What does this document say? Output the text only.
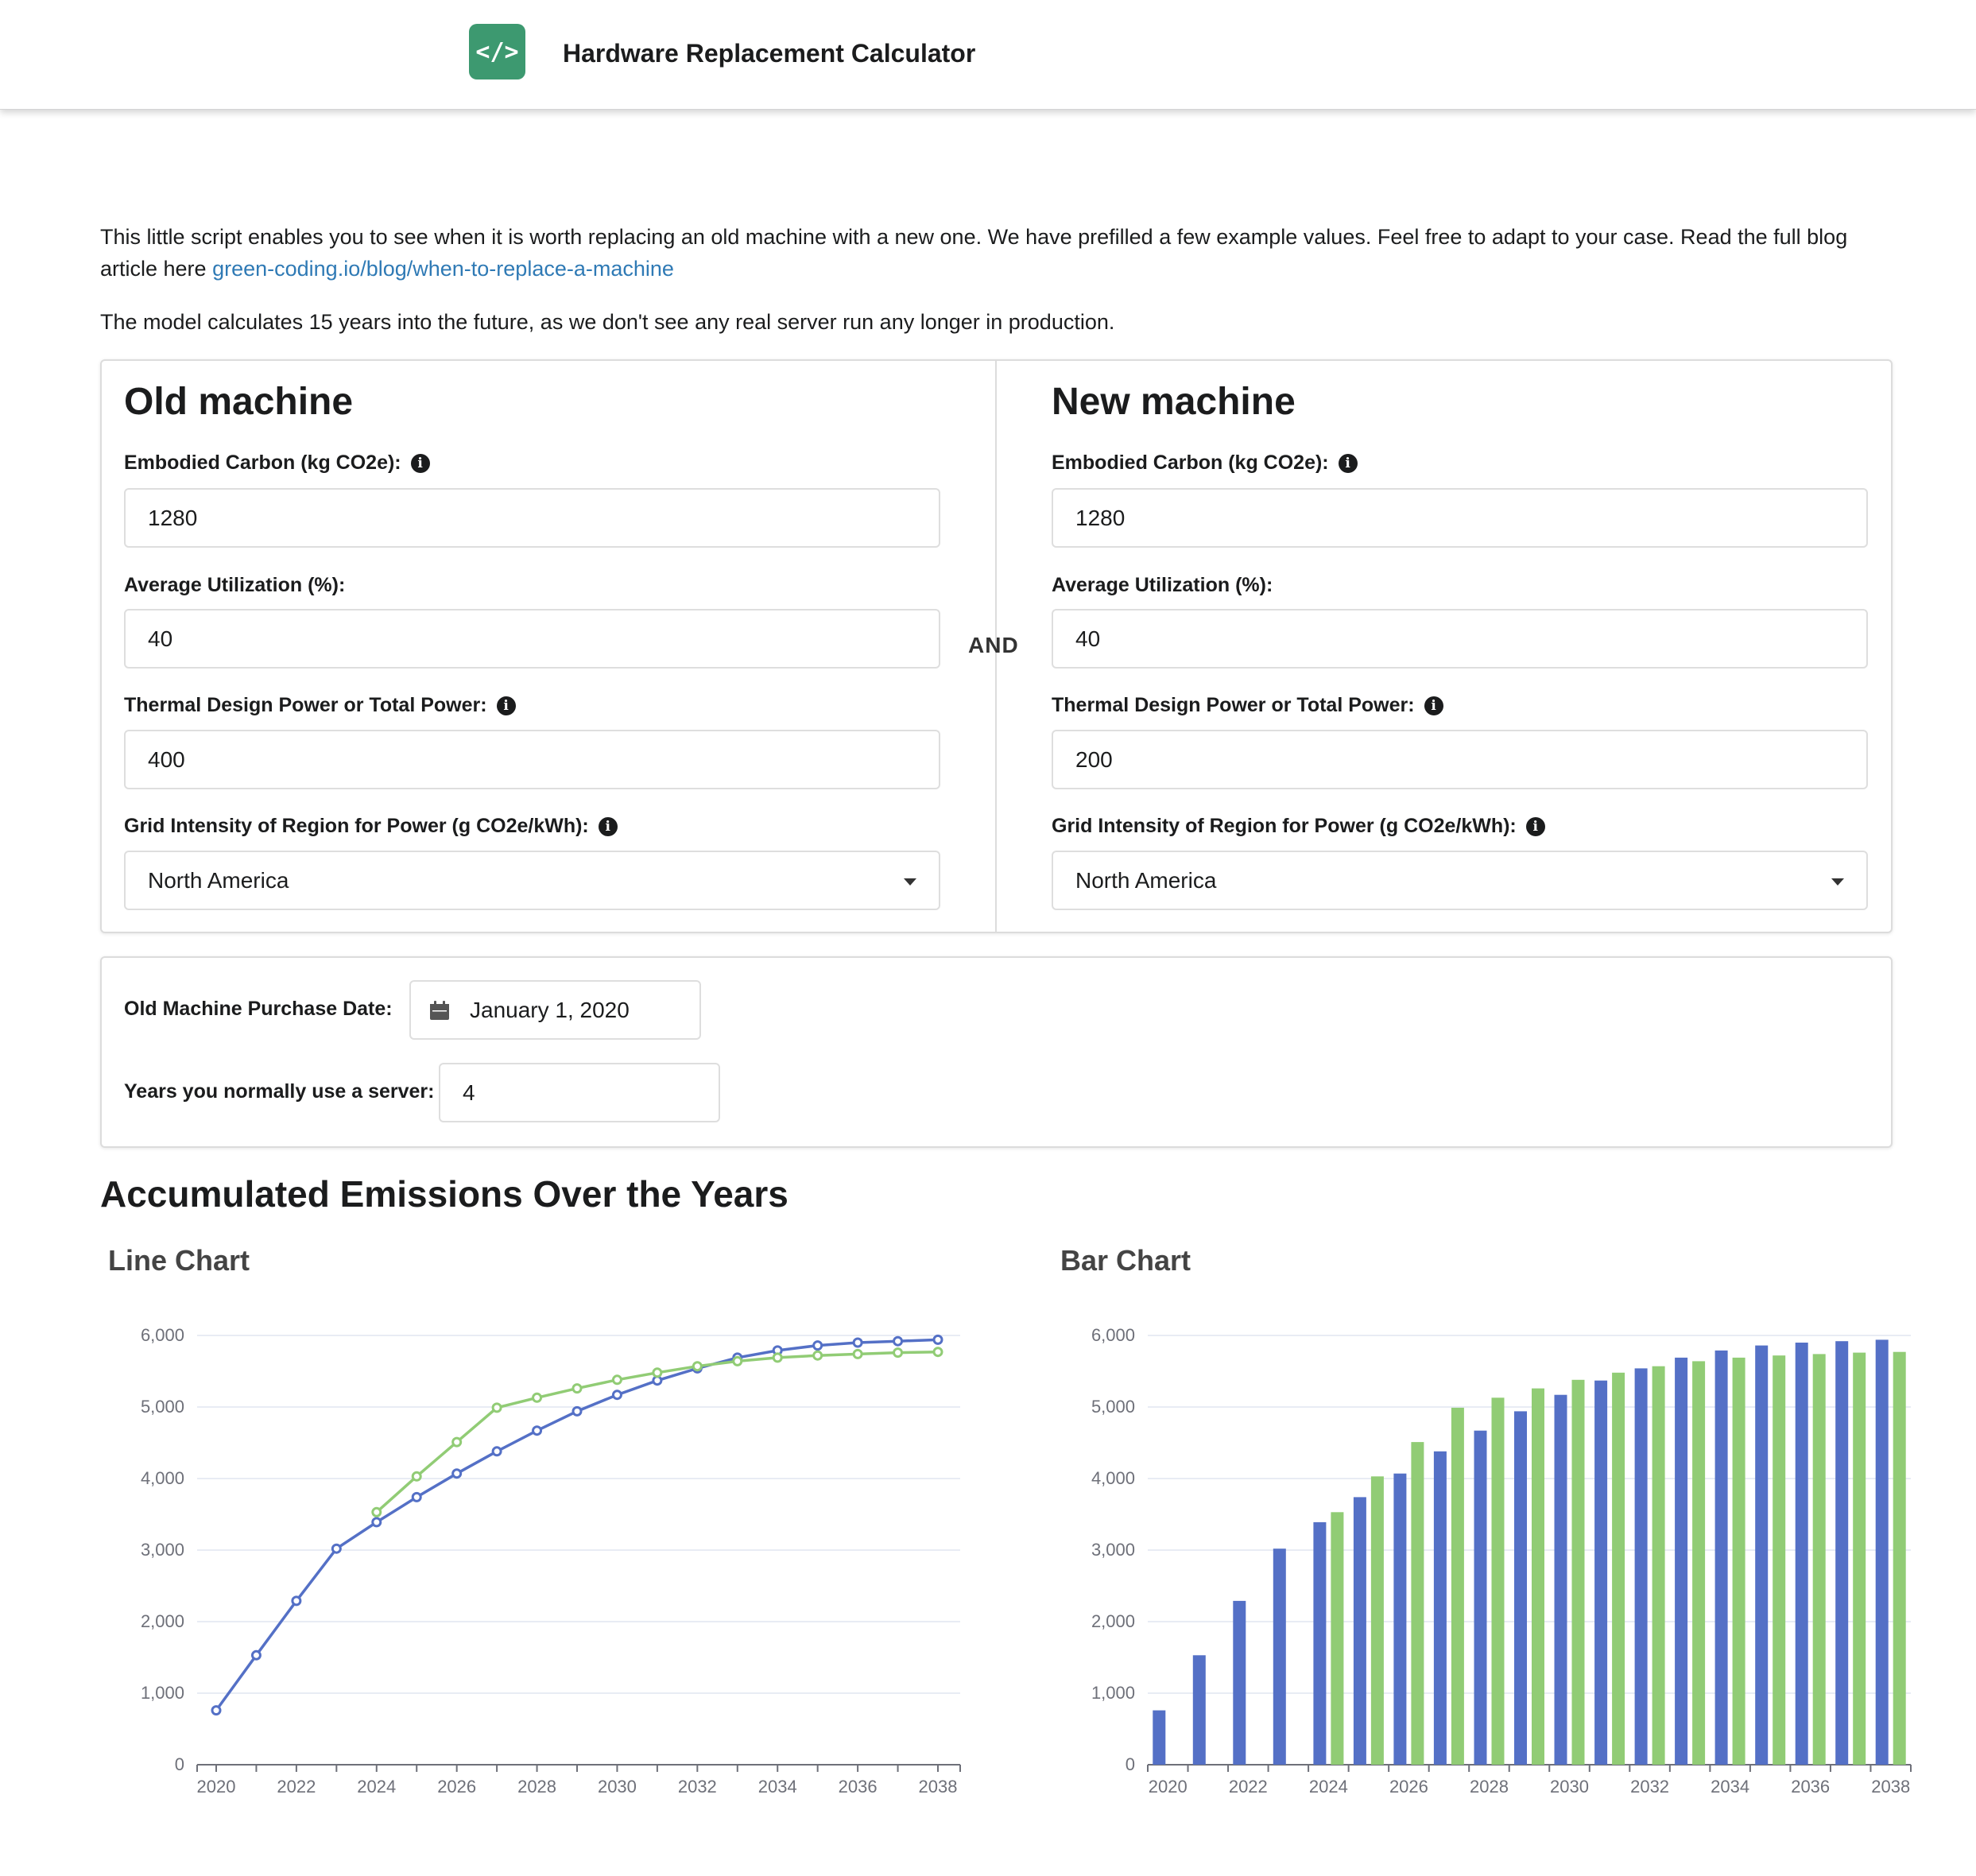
</> Hardware Replacement Calculator
This little script enables you to see when it is worth replacing an old machine with a new one. We have prefilled a few example values. Feel free to adapt to your case. Read the full blog article here green-coding.io/blog/when-to-replace-a-machine
The model calculates 15 years into the future, as we don't see any real server run any longer in production.
AND
Old machine
Embodied Carbon (kg CO2e):	i
1280
Average Utilization (%):
40
Thermal Design Power or Total Power:	i
400
Grid Intensity of Region for Power (g CO2e/kWh):	i
North America
New machine
Embodied Carbon (kg CO2e):	i
1280
Average Utilization (%):
40
Thermal Design Power or Total Power:	i
200
Grid Intensity of Region for Power (g CO2e/kWh):	i
North America
Old Machine Purchase Date:	January 1, 2020
Years you normally use a server: 4
Accumulated Emissions Over the Years
Line Chart	Bar Chart
0
1,000
2,000
3,000
4,000
5,000
6,000
2020 2022 2024 2026 2028 2030 2032 2034 2036 2038
0
1,000
2,000
3,000
4,000
5,000
6,000
2020 2022 2024 2026 2028 2030 2032 2034 2036 2038
